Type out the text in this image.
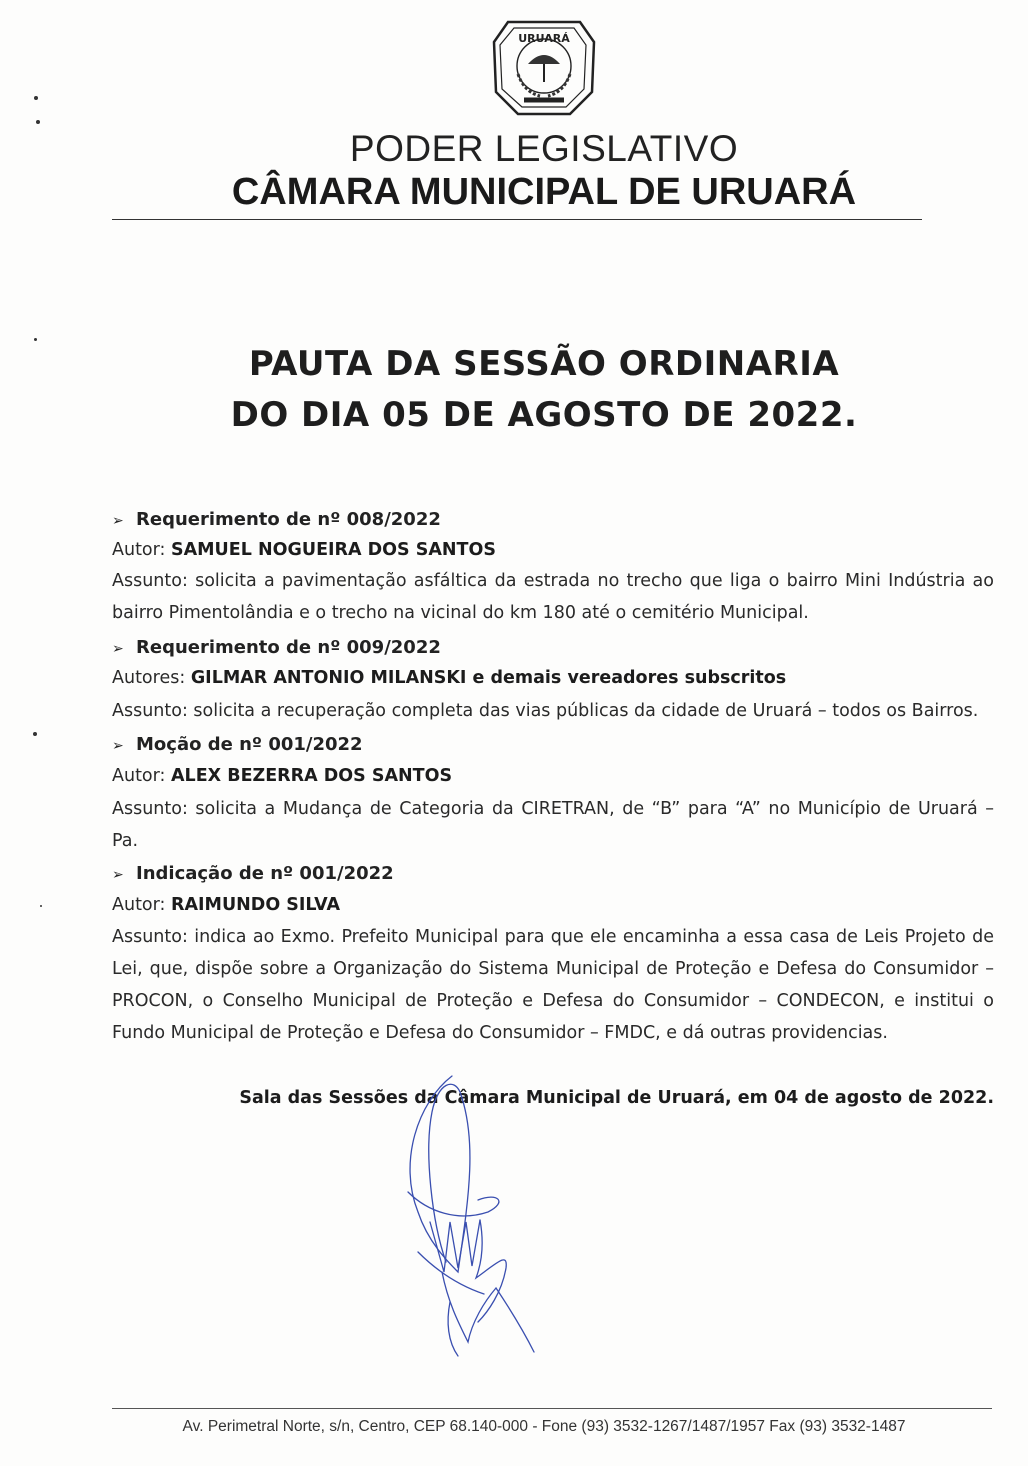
URUARÁ
PODER LEGISLATIVO
CÂMARA MUNICIPAL DE URUARÁ
PAUTA DA SESSÃO ORDINARIA
DO DIA 05 DE AGOSTO DE 2022.
➢ Requerimento de nº 008/2022
Autor: SAMUEL NOGUEIRA DOS SANTOS
Assunto: solicita a pavimentação asfáltica da estrada no trecho que liga o bairro Mini Indústria ao
bairro Pimentolândia e o trecho na vicinal do km 180 até o cemitério Municipal.
➢ Requerimento de nº 009/2022
Autores: GILMAR ANTONIO MILANSKI e demais vereadores subscritos
Assunto: solicita a recuperação completa das vias públicas da cidade de Uruará – todos os Bairros.
➢ Moção de nº 001/2022
Autor: ALEX BEZERRA DOS SANTOS
Assunto: solicita a Mudança de Categoria da CIRETRAN, de “B” para “A” no Município de Uruará –
Pa.
➢ Indicação de nº 001/2022
Autor: RAIMUNDO SILVA
Assunto: indica ao Exmo. Prefeito Municipal para que ele encaminha a essa casa de Leis Projeto de
Lei, que, dispõe sobre a Organização do Sistema Municipal de Proteção e Defesa do Consumidor –
PROCON, o Conselho Municipal de Proteção e Defesa do Consumidor – CONDECON, e institui o
Fundo Municipal de Proteção e Defesa do Consumidor – FMDC, e dá outras providencias.
Sala das Sessões da Câmara Municipal de Uruará, em 04 de agosto de 2022.
Av. Perimetral Norte, s/n, Centro, CEP 68.140-000 - Fone (93) 3532-1267/1487/1957 Fax (93) 3532-1487
